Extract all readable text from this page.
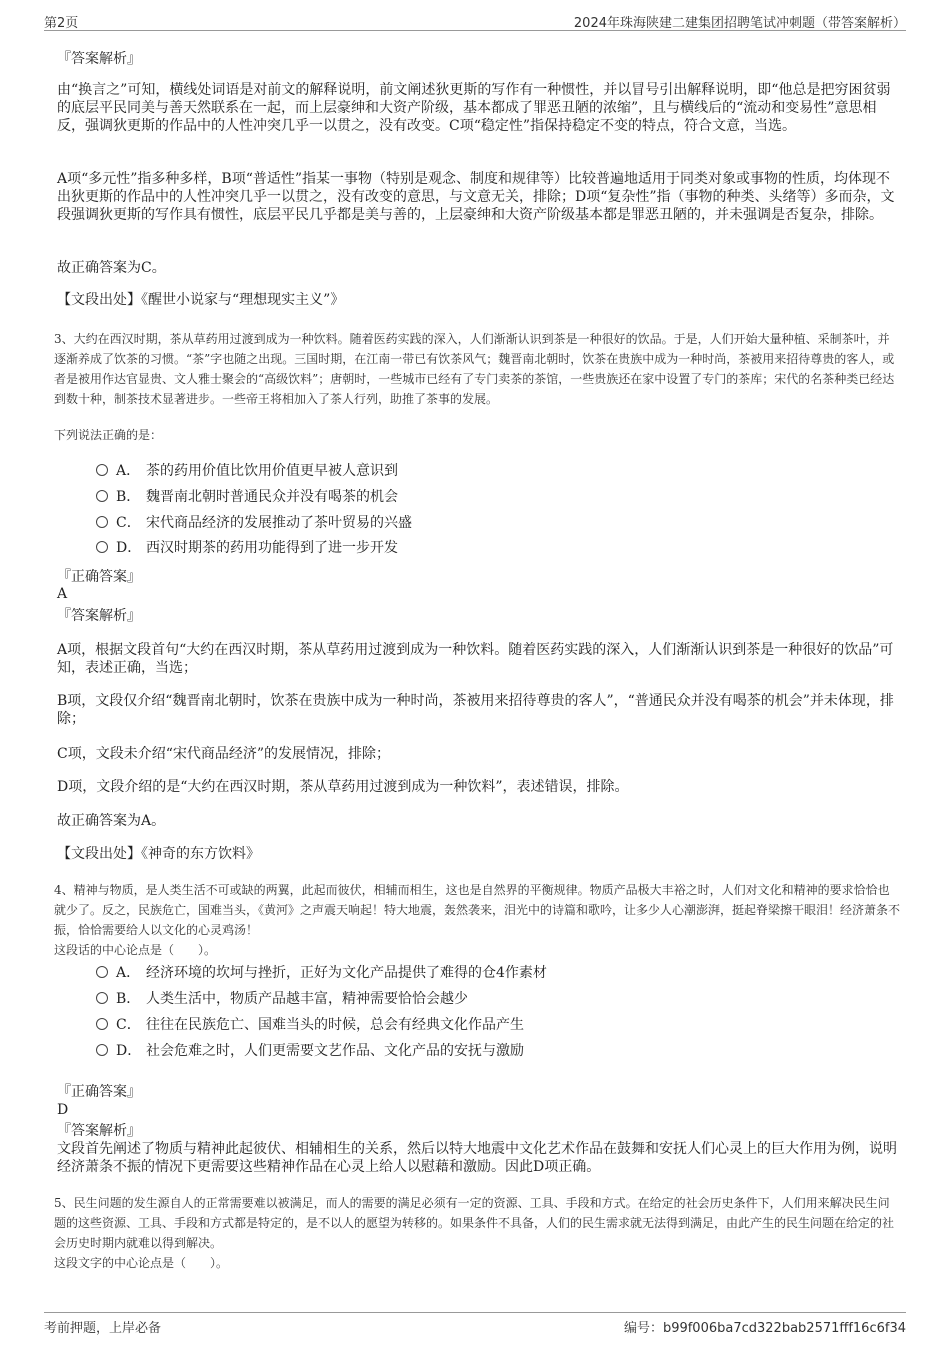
第2页	2024年珠海陕建二建集团招聘笔试冲刺题（带答案解析）
『答案解析』
由“换言之”可知，横线处词语是对前文的解释说明，前文阐述狄更斯的写作有一种惯性，并以冒号引出解释说明，即“他总是把穷困贫弱的底层平民同美与善天然联系在一起，而上层豪绅和大资产阶级，基本都成了罪恶丑陋的浓缩”，且与横线后的“流动和变易性”意思相反，强调狄更斯的作品中的人性冲突几乎一以贯之，没有改变。C项“稳定性”指保持稳定不变的特点，符合文意，当选。
A项“多元性”指多种多样，B项“普适性”指某一事物（特别是观念、制度和规律等）比较普遍地适用于同类对象或事物的性质，均体现不出狄更斯的作品中的人性冲突几乎一以贯之，没有改变的意思，与文意无关，排除；D项“复杂性”指（事物的种类、头绪等）多而杂，文段强调狄更斯的写作具有惯性，底层平民几乎都是美与善的，上层豪绅和大资产阶级基本都是罪恶丑陋的，并未强调是否复杂，排除。
故正确答案为C。
【文段出处】《醒世小说家与“理想现实主义”》
3、大约在西汉时期，茶从草药用过渡到成为一种饮料。随着医药实践的深入，人们渐渐认识到茶是一种很好的饮品。于是，人们开始大量种植、采制茶叶，并逐渐养成了饮茶的习惯。“茶”字也随之出现。三国时期，在江南一带已有饮茶风气；魏晋南北朝时，饮茶在贵族中成为一种时尚，茶被用来招待尊贵的客人，或者是被用作达官显贵、文人雅士聚会的“高级饮料”；唐朝时，一些城市已经有了专门卖茶的茶馆，一些贵族还在家中设置了专门的茶库；宋代的名茶种类已经达到数十种，制茶技术显著进步。一些帝王将相加入了茶人行列，助推了茶事的发展。
下列说法正确的是：
A． 茶的药用价值比饮用价值更早被人意识到
B． 魏晋南北朝时普通民众并没有喝茶的机会
C． 宋代商品经济的发展推动了茶叶贸易的兴盛
D． 西汉时期茶的药用功能得到了进一步开发
『正确答案』
A
『答案解析』
A项，根据文段首句“大约在西汉时期，茶从草药用过渡到成为一种饮料。随着医药实践的深入，人们渐渐认识到茶是一种很好的饮品”可知，表述正确，当选；
B项，文段仅介绍“魏晋南北朝时，饮茶在贵族中成为一种时尚，茶被用来招待尊贵的客人”，“普通民众并没有喝茶的机会”并未体现，排除；
C项，文段未介绍“宋代商品经济”的发展情况，排除；
D项，文段介绍的是“大约在西汉时期，茶从草药用过渡到成为一种饮料”，表述错误，排除。
故正确答案为A。
【文段出处】《神奇的东方饮料》
4、精神与物质，是人类生活不可或缺的两翼，此起而彼伏，相辅而相生，这也是自然界的平衡规律。物质产品极大丰裕之时，人们对文化和精神的要求恰恰也就少了。反之，民族危亡，国难当头，《黄河》之声震天响起！特大地震，轰然袭来，泪光中的诗篇和歌吟，让多少人心潮澎湃，挺起脊梁擦干眼泪！经济萧条不振，恰恰需要给人以文化的心灵鸡汤！
这段话的中心论点是（　　）。
A． 经济环境的坎坷与挫折，正好为文化产品提供了难得的仓4作素材
B． 人类生活中，物质产品越丰富，精神需要恰恰会越少
C． 往往在民族危亡、国难当头的时候，总会有经典文化作品产生
D． 社会危难之时，人们更需要文艺作品、文化产品的安抚与激励
『正确答案』
D
『答案解析』
文段首先阐述了物质与精神此起彼伏、相辅相生的关系，然后以特大地震中文化艺术作品在鼓舞和安抚人们心灵上的巨大作用为例，说明经济萧条不振的情况下更需要这些精神作品在心灵上给人以慰藉和激励。因此D项正确。
5、民生问题的发生源自人的正常需要难以被满足，而人的需要的满足必须有一定的资源、工具、手段和方式。在给定的社会历史条件下，人们用来解决民生问题的这些资源、工具、手段和方式都是特定的，是不以人的愿望为转移的。如果条件不具备，人们的民生需求就无法得到满足，由此产生的民生问题在给定的社会历史时期内就难以得到解决。
这段文字的中心论点是（　　）。
考前押题，上岸必备	编号：b99f006ba7cd322bab2571fff16c6f34
